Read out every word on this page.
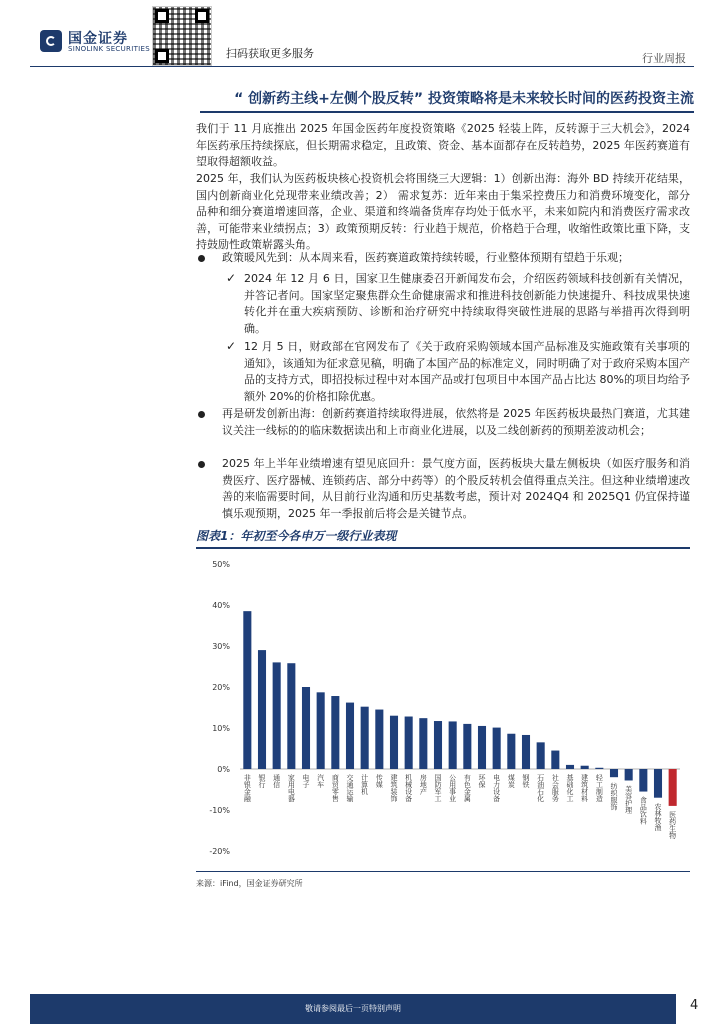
国金证券
SINOLINK SECURITIES	扫码获取更多服务	行业周报
“ 创新药主线+左侧个股反转” 投资策略将是未来较长时间的医药投资主流
我们于 11 月底推出 2025 年国金医药年度投资策略《2025 轻装上阵，反转源于三大机会》，2024 年医药承压持续探底，但长期需求稳定，且政策、资金、基本面都存在反转趋势，2025 年医药赛道有望取得超额收益。
2025 年，我们认为医药板块核心投资机会将围绕三大逻辑：1）创新出海：海外 BD 持续开花结果，国内创新商业化兑现带来业绩改善；2） 需求复苏：近年来由于集采控费压力和消费环境变化，部分品种和细分赛道增速回落，企业、渠道和终端备货库存均处于低水平，未来如院内和消费医疗需求改善，可能带来业绩拐点；3）政策预期反转：行业趋于规范，价格趋于合理，收缩性政策比重下降，支持鼓励性政策崭露头角。
政策暖风先到：从本周来看，医药赛道政策持续转暖，行业整体预期有望趋于乐观；
✓ 2024 年 12 月 6 日，国家卫生健康委召开新闻发布会，介绍医药领域科技创新有关情况，并答记者问。国家坚定聚焦群众生命健康需求和推进科技创新能力快速提升、科技成果快速转化并在重大疾病预防、诊断和治疗研究中持续取得突破性进展的思路与举措再次得到明确。
✓ 12 月 5 日，财政部在官网发布了《关于政府采购领域本国产品标准及实施政策有关事项的通知》，该通知为征求意见稿，明确了本国产品的标准定义，同时明确了对于政府采购本国产品的支持方式，即招投标过程中对本国产品或打包项目中本国产品占比达 80%的项目均给予额外 20%的价格扣除优惠。
再是研发创新出海：创新药赛道持续取得进展，依然将是 2025 年医药板块最热门赛道，尤其建议关注一线标的的临床数据读出和上市商业化进展，以及二线创新药的预期差波动机会；
2025 年上半年业绩增速有望见底回升：景气度方面，医药板块大量左侧板块（如医疗服务和消费医疗、医疗器械、连锁药店、部分中药等）的个股反转机会值得重点关注。但这种业绩增速改善的来临需要时间，从目前行业沟通和历史基数考虑，预计对 2024Q4 和 2025Q1 仍宜保持谨慎乐观预期，2025 年一季报前后将会是关键节点。
图表1：年初至今各申万一级行业表现
50%
40%
30%
20%
10%
0%
-10%
-20%
非银金融 银行 通信 家用电器 电子 汽车 商贸零售 交通运输 计算机 传媒 建筑装饰 机械设备 房地产 国防军工 公用事业 有色金属 环保 电力设备 煤炭 钢铁 石油石化 社会服务 基础化工 建筑材料 轻工制造 纺织服饰 美容护理 食品饮料 农林牧渔 医药生物
来源：iFind，国金证券研究所
敬请参阅最后一页特别声明	4
